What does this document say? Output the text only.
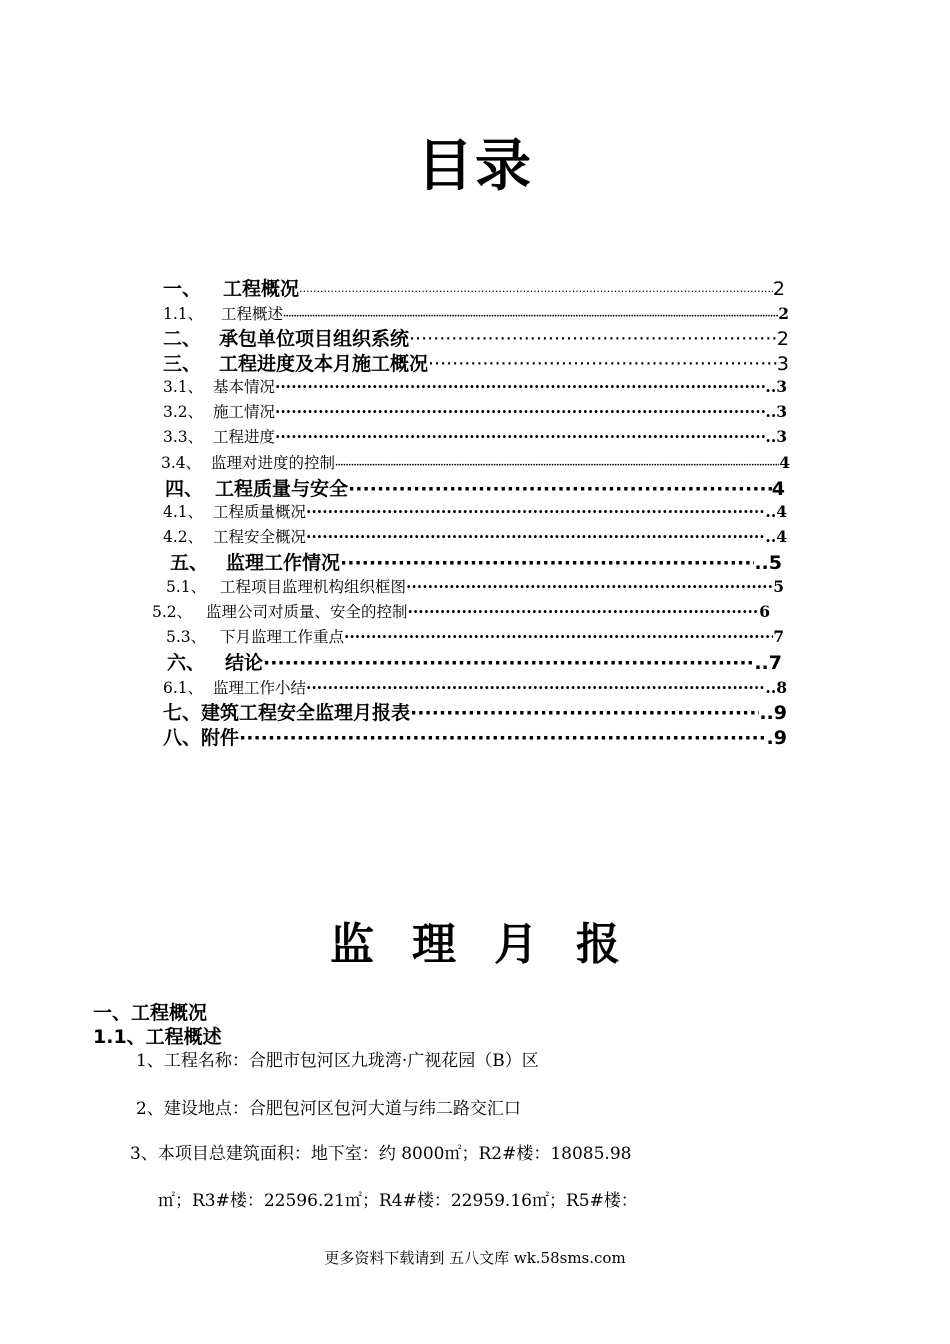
目录
一、	工程概况 ·····	2
1.1、	工程概述 ·····	2
二、 承包单位项目组织系统 ·····	2
三、 工程进度及本月施工概况 ·····	3
3.1、 基本情况 ·····	..3
3.2、 施工情况 ·····	..3
3.3、 工程进度 ·····	..3
3.4、 监理对进度的控制 ·····	4
四、 工程质量与安全 ·····	4
4.1、 工程质量概况 ·····	..4
4.2、 工程安全概况 ·····	..4
五、 监理工作情况 ·····	..5
5.1、 工程项目监理机构组织框图 ·····	5
5.2、 监理公司对质量、安全的控制 ·····	6
5.3、 下月监理工作重点 ·····	7
六、	结论 ·····	..7
6.1、 监理工作小结 ·····	..8
七、 建筑工程安全监理月报表 ·····	..9
八、 附件 ·····	.9
监理月报
一、工程概况
1.1、工程概述
1、工程名称：合肥市包河区九珑湾·广视花园（B）区
2、建设地点：合肥包河区包河大道与纬二路交汇口
3、本项目总建筑面积：地下室：约 8000㎡；R2#楼：18085.98
㎡；R3#楼：22596.21㎡；R4#楼：22959.16㎡；R5#楼：
更多资料下载请到 五八文库 wk.58sms.com
